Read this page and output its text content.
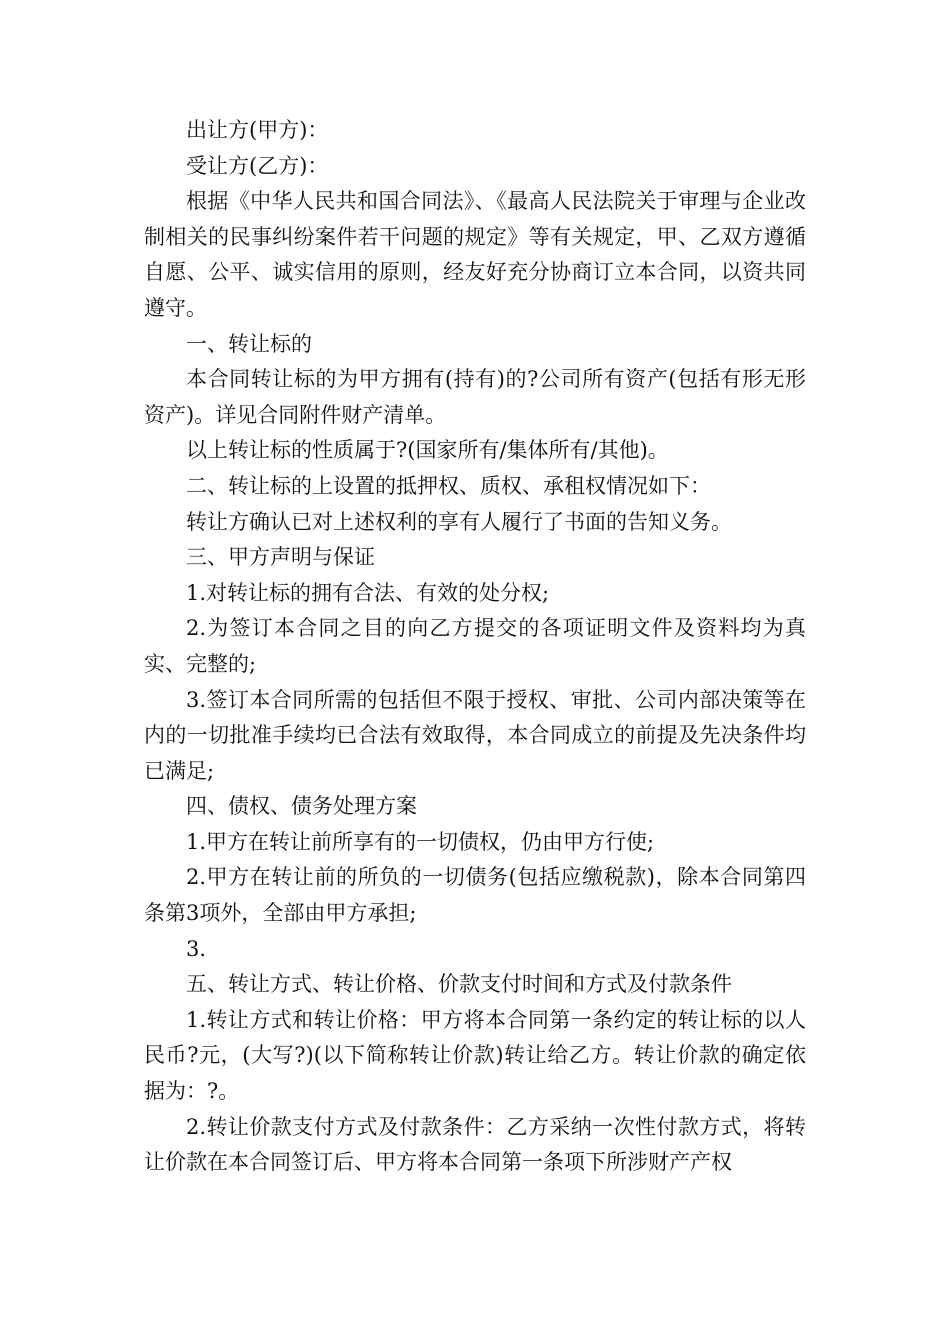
出让方(甲方)：

受让方(乙方)：

根据《中华人民共和国合同法》、《最高人民法院关于审理与企业改制相关的民事纠纷案件若干问题的规定》等有关规定，甲、乙双方遵循自愿、公平、诚实信用的原则，经友好充分协商订立本合同，以资共同遵守。

一、转让标的

本合同转让标的为甲方拥有(持有)的?公司所有资产(包括有形无形资产)。详见合同附件财产清单。

以上转让标的性质属于?(国家所有/集体所有/其他)。

二、转让标的上设置的抵押权、质权、承租权情况如下：

转让方确认已对上述权利的享有人履行了书面的告知义务。

三、甲方声明与保证

1.对转让标的拥有合法、有效的处分权;

2.为签订本合同之目的向乙方提交的各项证明文件及资料均为真实、完整的;

3.签订本合同所需的包括但不限于授权、审批、公司内部决策等在内的一切批准手续均已合法有效取得，本合同成立的前提及先决条件均已满足;

四、债权、债务处理方案

1.甲方在转让前所享有的一切债权，仍由甲方行使;

2.甲方在转让前的所负的一切债务(包括应缴税款)，除本合同第四条第3项外，全部由甲方承担;

3.

五、转让方式、转让价格、价款支付时间和方式及付款条件

1.转让方式和转让价格：甲方将本合同第一条约定的转让标的以人民币?元，(大写?)(以下简称转让价款)转让给乙方。转让价款的确定依据为：?。

2.转让价款支付方式及付款条件：乙方采纳一次性付款方式，将转让价款在本合同签订后、甲方将本合同第一条项下所涉财产产权
